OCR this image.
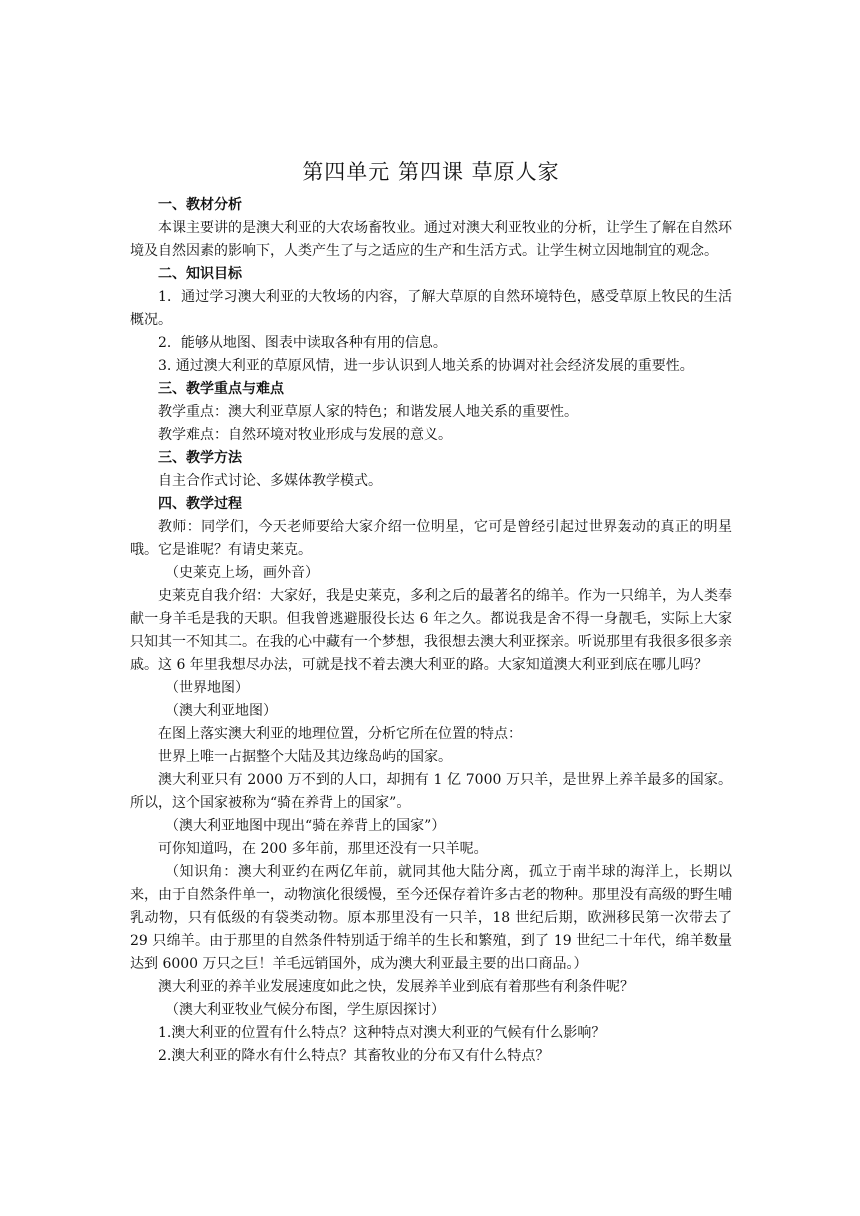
第四单元 第四课 草原人家
一、教材分析

本课主要讲的是澳大利亚的大农场畜牧业。通过对澳大利亚牧业的分析，让学生了解在自然环境及自然因素的影响下，人类产生了与之适应的生产和生活方式。让学生树立因地制宜的观念。

二、知识目标

1．通过学习澳大利亚的大牧场的内容，了解大草原的自然环境特色，感受草原上牧民的生活概况。

2．能够从地图、图表中读取各种有用的信息。

3. 通过澳大利亚的草原风情，进一步认识到人地关系的协调对社会经济发展的重要性。

三、教学重点与难点

教学重点：澳大利亚草原人家的特色；和谐发展人地关系的重要性。

教学难点：自然环境对牧业形成与发展的意义。

三、教学方法

自主合作式讨论、多媒体教学模式。

四、教学过程

教师：同学们，今天老师要给大家介绍一位明星，它可是曾经引起过世界轰动的真正的明星哦。它是谁呢？有请史莱克。

（史莱克上场，画外音）

史莱克自我介绍：大家好，我是史莱克，多利之后的最著名的绵羊。作为一只绵羊，为人类奉献一身羊毛是我的天职。但我曾逃避服役长达 6 年之久。都说我是舍不得一身靓毛，实际上大家只知其一不知其二。在我的心中藏有一个梦想，我很想去澳大利亚探亲。听说那里有我很多很多亲戚。这 6 年里我想尽办法，可就是找不着去澳大利亚的路。大家知道澳大利亚到底在哪儿吗？

（世界地图）

（澳大利亚地图）

在图上落实澳大利亚的地理位置，分析它所在位置的特点：

世界上唯一占据整个大陆及其边缘岛屿的国家。

澳大利亚只有 2000 万不到的人口，却拥有 1 亿 7000 万只羊，是世界上养羊最多的国家。所以，这个国家被称为“骑在养背上的国家”。

（澳大利亚地图中现出“骑在养背上的国家”）

可你知道吗，在 200 多年前，那里还没有一只羊呢。

（知识角：澳大利亚约在两亿年前，就同其他大陆分离，孤立于南半球的海洋上，长期以来，由于自然条件单一，动物演化很缓慢，至今还保存着许多古老的物种。那里没有高级的野生哺乳动物，只有低级的有袋类动物。原本那里没有一只羊，18 世纪后期，欧洲移民第一次带去了 29 只绵羊。由于那里的自然条件特别适于绵羊的生长和繁殖，到了 19 世纪二十年代，绵羊数量达到 6000 万只之巨！羊毛远销国外，成为澳大利亚最主要的出口商品。）

澳大利亚的养羊业发展速度如此之快，发展养羊业到底有着那些有利条件呢？

（澳大利亚牧业气候分布图，学生原因探讨）

1.澳大利亚的位置有什么特点？这种特点对澳大利亚的气候有什么影响？

2.澳大利亚的降水有什么特点？其畜牧业的分布又有什么特点？
